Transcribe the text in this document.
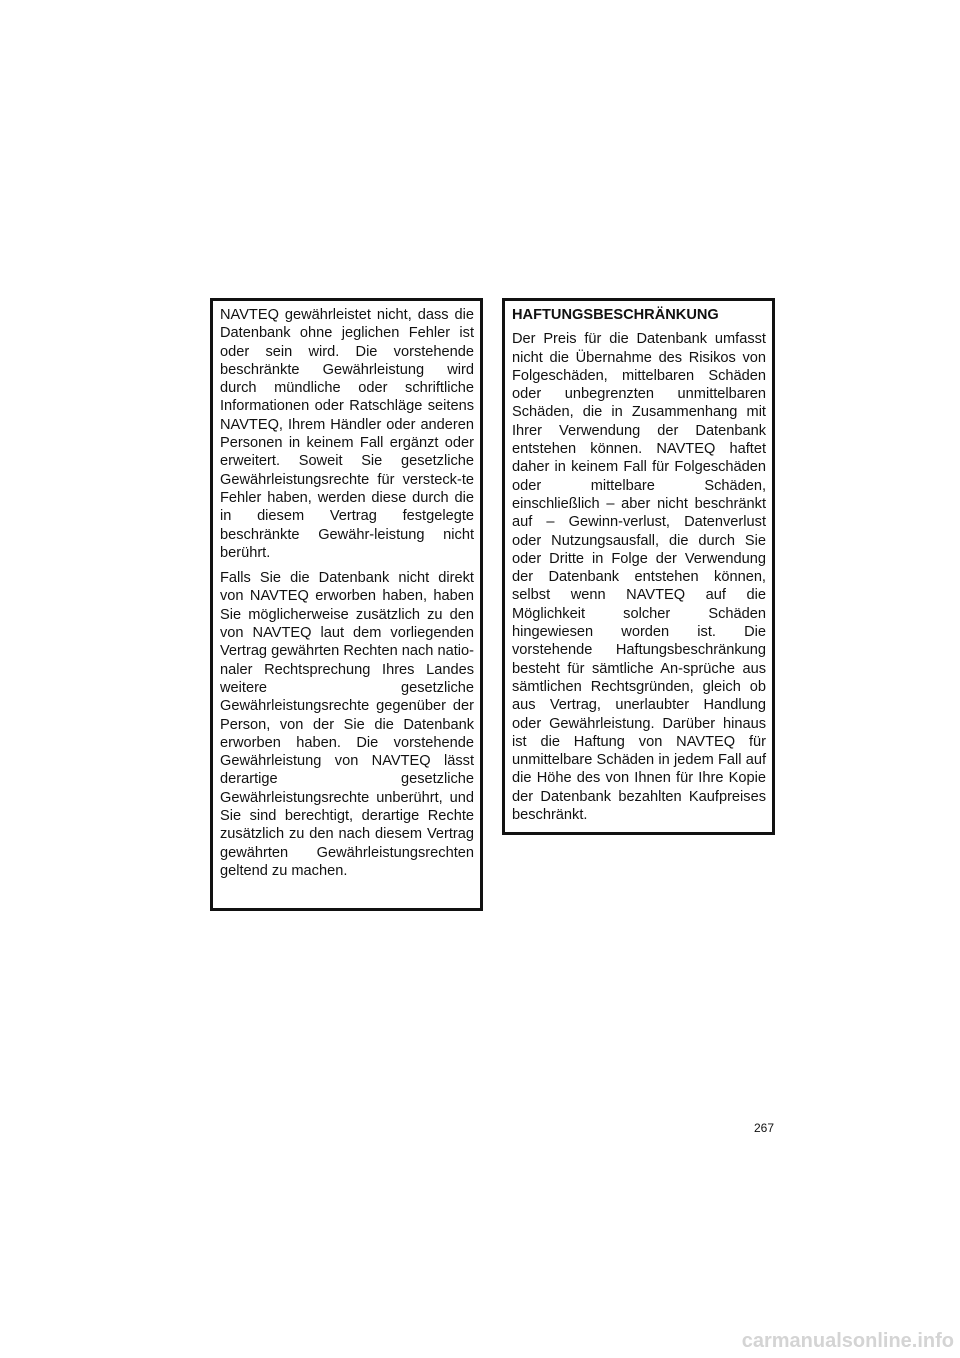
NAVTEQ gewährleistet nicht, dass die Datenbank ohne jeglichen Fehler ist oder sein wird. Die vorstehende beschränkte Gewährleistung wird durch mündliche oder schriftliche Informationen oder Ratschläge seitens NAVTEQ, Ihrem Händler oder anderen Personen in keinem Fall ergänzt oder erweitert. Soweit Sie gesetzliche Gewährleistungsrechte für versteck-te Fehler haben, werden diese durch die in diesem Vertrag festgelegte beschränkte Gewähr-leistung nicht berührt.

Falls Sie die Datenbank nicht direkt von NAVTEQ erworben haben, haben Sie möglicherweise zusätzlich zu den von NAVTEQ laut dem vorliegenden Vertrag gewährten Rechten nach natio-naler Rechtsprechung Ihres Landes weitere gesetzliche Gewährleistungsrechte gegenüber der Person, von der Sie die Datenbank erworben haben. Die vorstehende Gewährleistung von NAVTEQ lässt derartige gesetzliche Gewährleistungsrechte unberührt, und Sie sind berechtigt, derartige Rechte zusätzlich zu den nach diesem Vertrag gewährten Gewährleistungsrechten geltend zu machen.

HAFTUNGSBESCHRÄNKUNG

Der Preis für die Datenbank umfasst nicht die Übernahme des Risikos von Folgeschäden, mittelbaren Schäden oder unbegrenzten unmittelbaren Schäden, die in Zusammenhang mit Ihrer Verwendung der Datenbank entstehen können. NAVTEQ haftet daher in keinem Fall für Folgeschäden oder mittelbare Schäden, einschließlich – aber nicht beschränkt auf – Gewinn-verlust, Datenverlust oder Nutzungsausfall, die durch Sie oder Dritte in Folge der Verwendung der Datenbank entstehen können, selbst wenn NAVTEQ auf die Möglichkeit solcher Schäden hingewiesen worden ist. Die vorstehende Haftungsbeschränkung besteht für sämtliche An-sprüche aus sämtlichen Rechtsgründen, gleich ob aus Vertrag, unerlaubter Handlung oder Gewährleistung. Darüber hinaus ist die Haftung von NAVTEQ für unmittelbare Schäden in jedem Fall auf die Höhe des von Ihnen für Ihre Kopie der Datenbank bezahlten Kaufpreises beschränkt.

267
carmanualsonline.info
